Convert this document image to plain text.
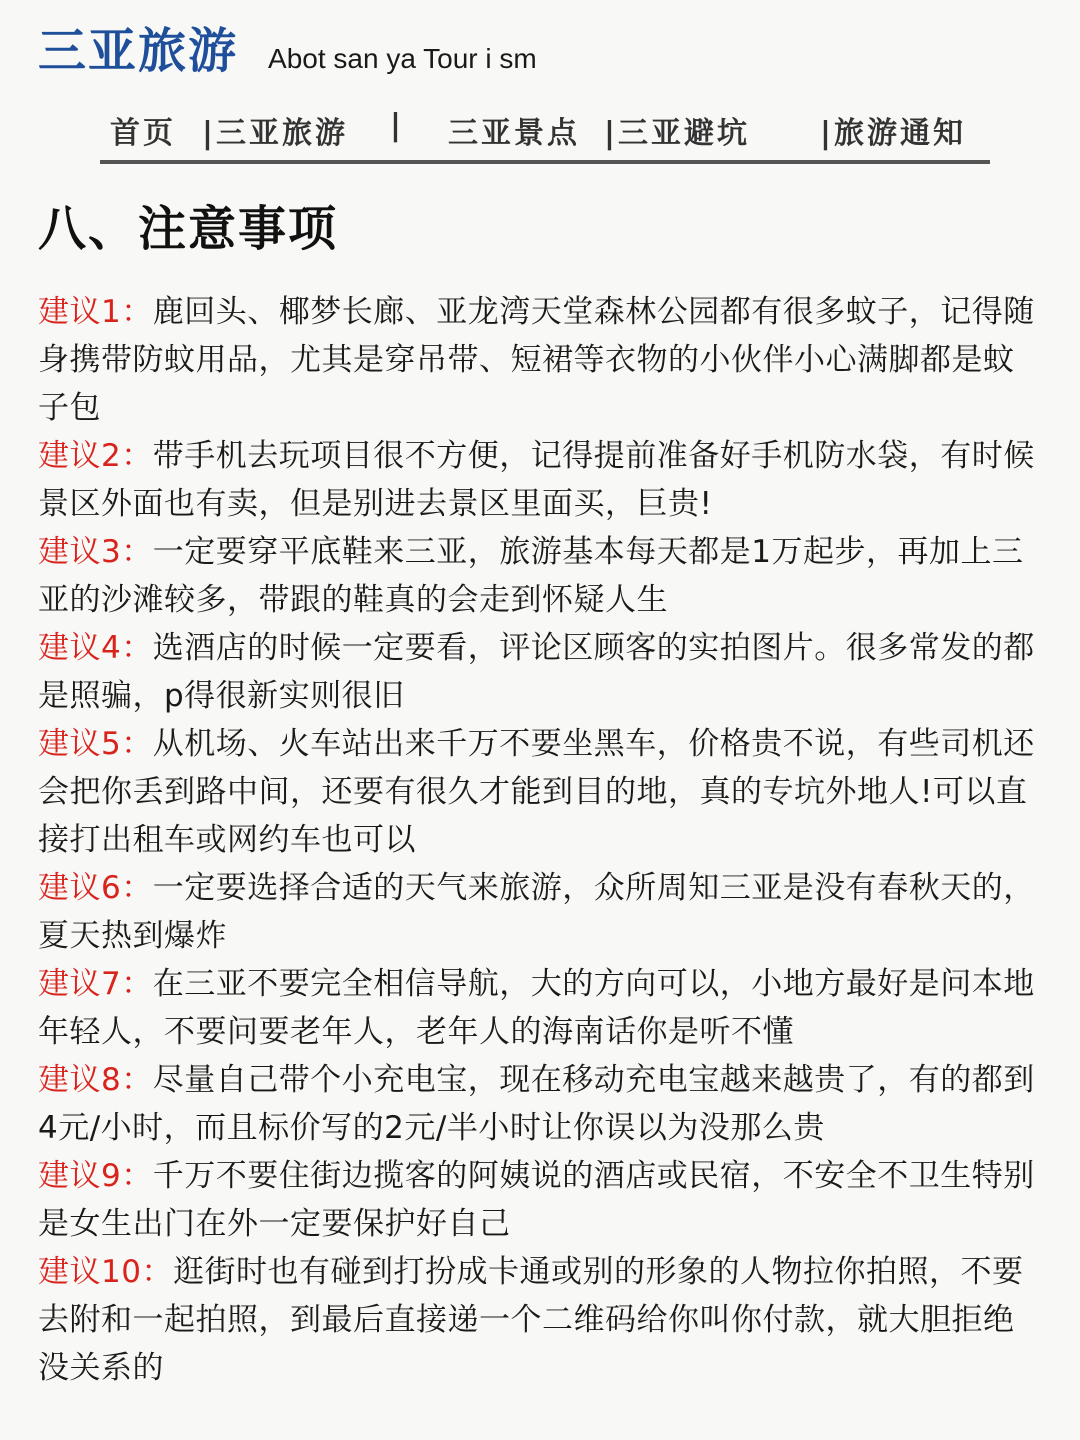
三亚旅游 Abot san ya Tour i sm
首页 |三亚旅游 | 三亚景点 |三亚避坑 |旅游通知
八、注意事项

建议1：鹿回头、椰梦长廊、亚龙湾天堂森林公园都有很多蚊子，记得随身携带防蚊用品，尤其是穿吊带、短裙等衣物的小伙伴小心满脚都是蚊子包

建议2：带手机去玩项目很不方便，记得提前准备好手机防水袋，有时候景区外面也有卖，但是别进去景区里面买，巨贵!

建议3：一定要穿平底鞋来三亚，旅游基本每天都是1万起步，再加上三亚的沙滩较多，带跟的鞋真的会走到怀疑人生

建议4：选酒店的时候一定要看，评论区顾客的实拍图片。很多常发的都是照骗，p得很新实则很旧

建议5：从机场、火车站出来千万不要坐黑车，价格贵不说，有些司机还会把你丢到路中间，还要有很久才能到目的地，真的专坑外地人!可以直接打出租车或网约车也可以

建议6：一定要选择合适的天气来旅游，众所周知三亚是没有春秋天的，夏天热到爆炸

建议7：在三亚不要完全相信导航，大的方向可以，小地方最好是问本地年轻人，不要问要老年人，老年人的海南话你是听不懂

建议8：尽量自己带个小充电宝，现在移动充电宝越来越贵了，有的都到4元/小时，而且标价写的2元/半小时让你误以为没那么贵

建议9：千万不要住街边揽客的阿姨说的酒店或民宿，不安全不卫生特别是女生出门在外一定要保护好自己

建议10：逛街时也有碰到打扮成卡通或别的形象的人物拉你拍照，不要去附和一起拍照，到最后直接递一个二维码给你叫你付款，就大胆拒绝没关系的
